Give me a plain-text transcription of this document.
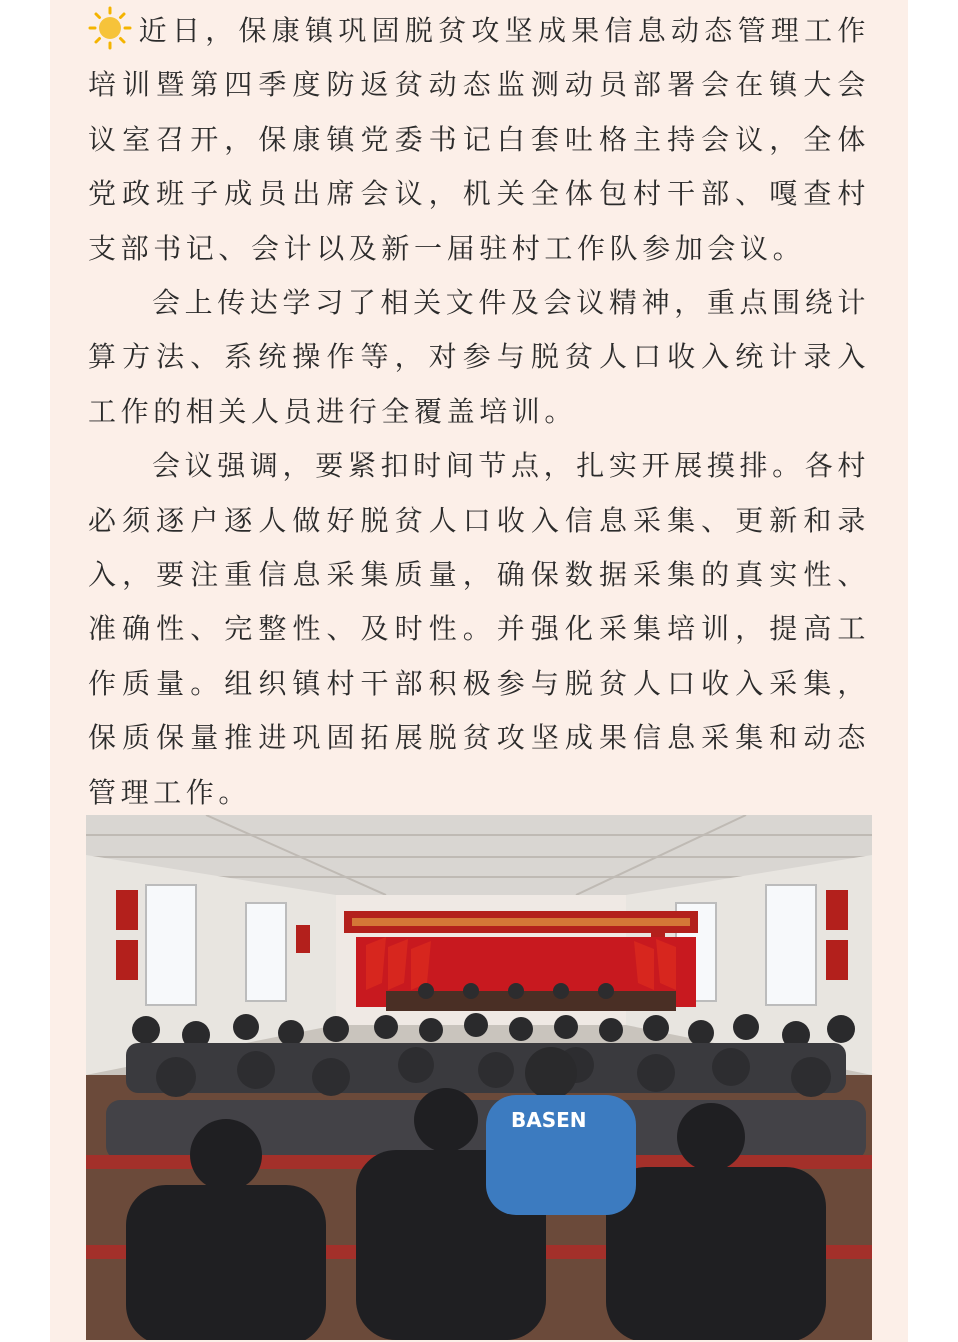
近日，保康镇巩固脱贫攻坚成果信息动态管理工作培训暨第四季度防返贫动态监测动员部署会在镇大会议室召开，保康镇党委书记白套吐格主持会议，全体党政班子成员出席会议，机关全体包村干部、嘎查村支部书记、会计以及新一届驻村工作队参加会议。

会上传达学习了相关文件及会议精神，重点围绕计算方法、系统操作等，对参与脱贫人口收入统计录入工作的相关人员进行全覆盖培训。

会议强调，要紧扣时间节点，扎实开展摸排。各村必须逐户逐人做好脱贫人口收入信息采集、更新和录入，要注重信息采集质量，确保数据采集的真实性、准确性、完整性、及时性。并强化采集培训，提高工作质量。组织镇村干部积极参与脱贫人口收入采集，保质保量推进巩固拓展脱贫攻坚成果信息采集和动态管理工作。

BASEN
